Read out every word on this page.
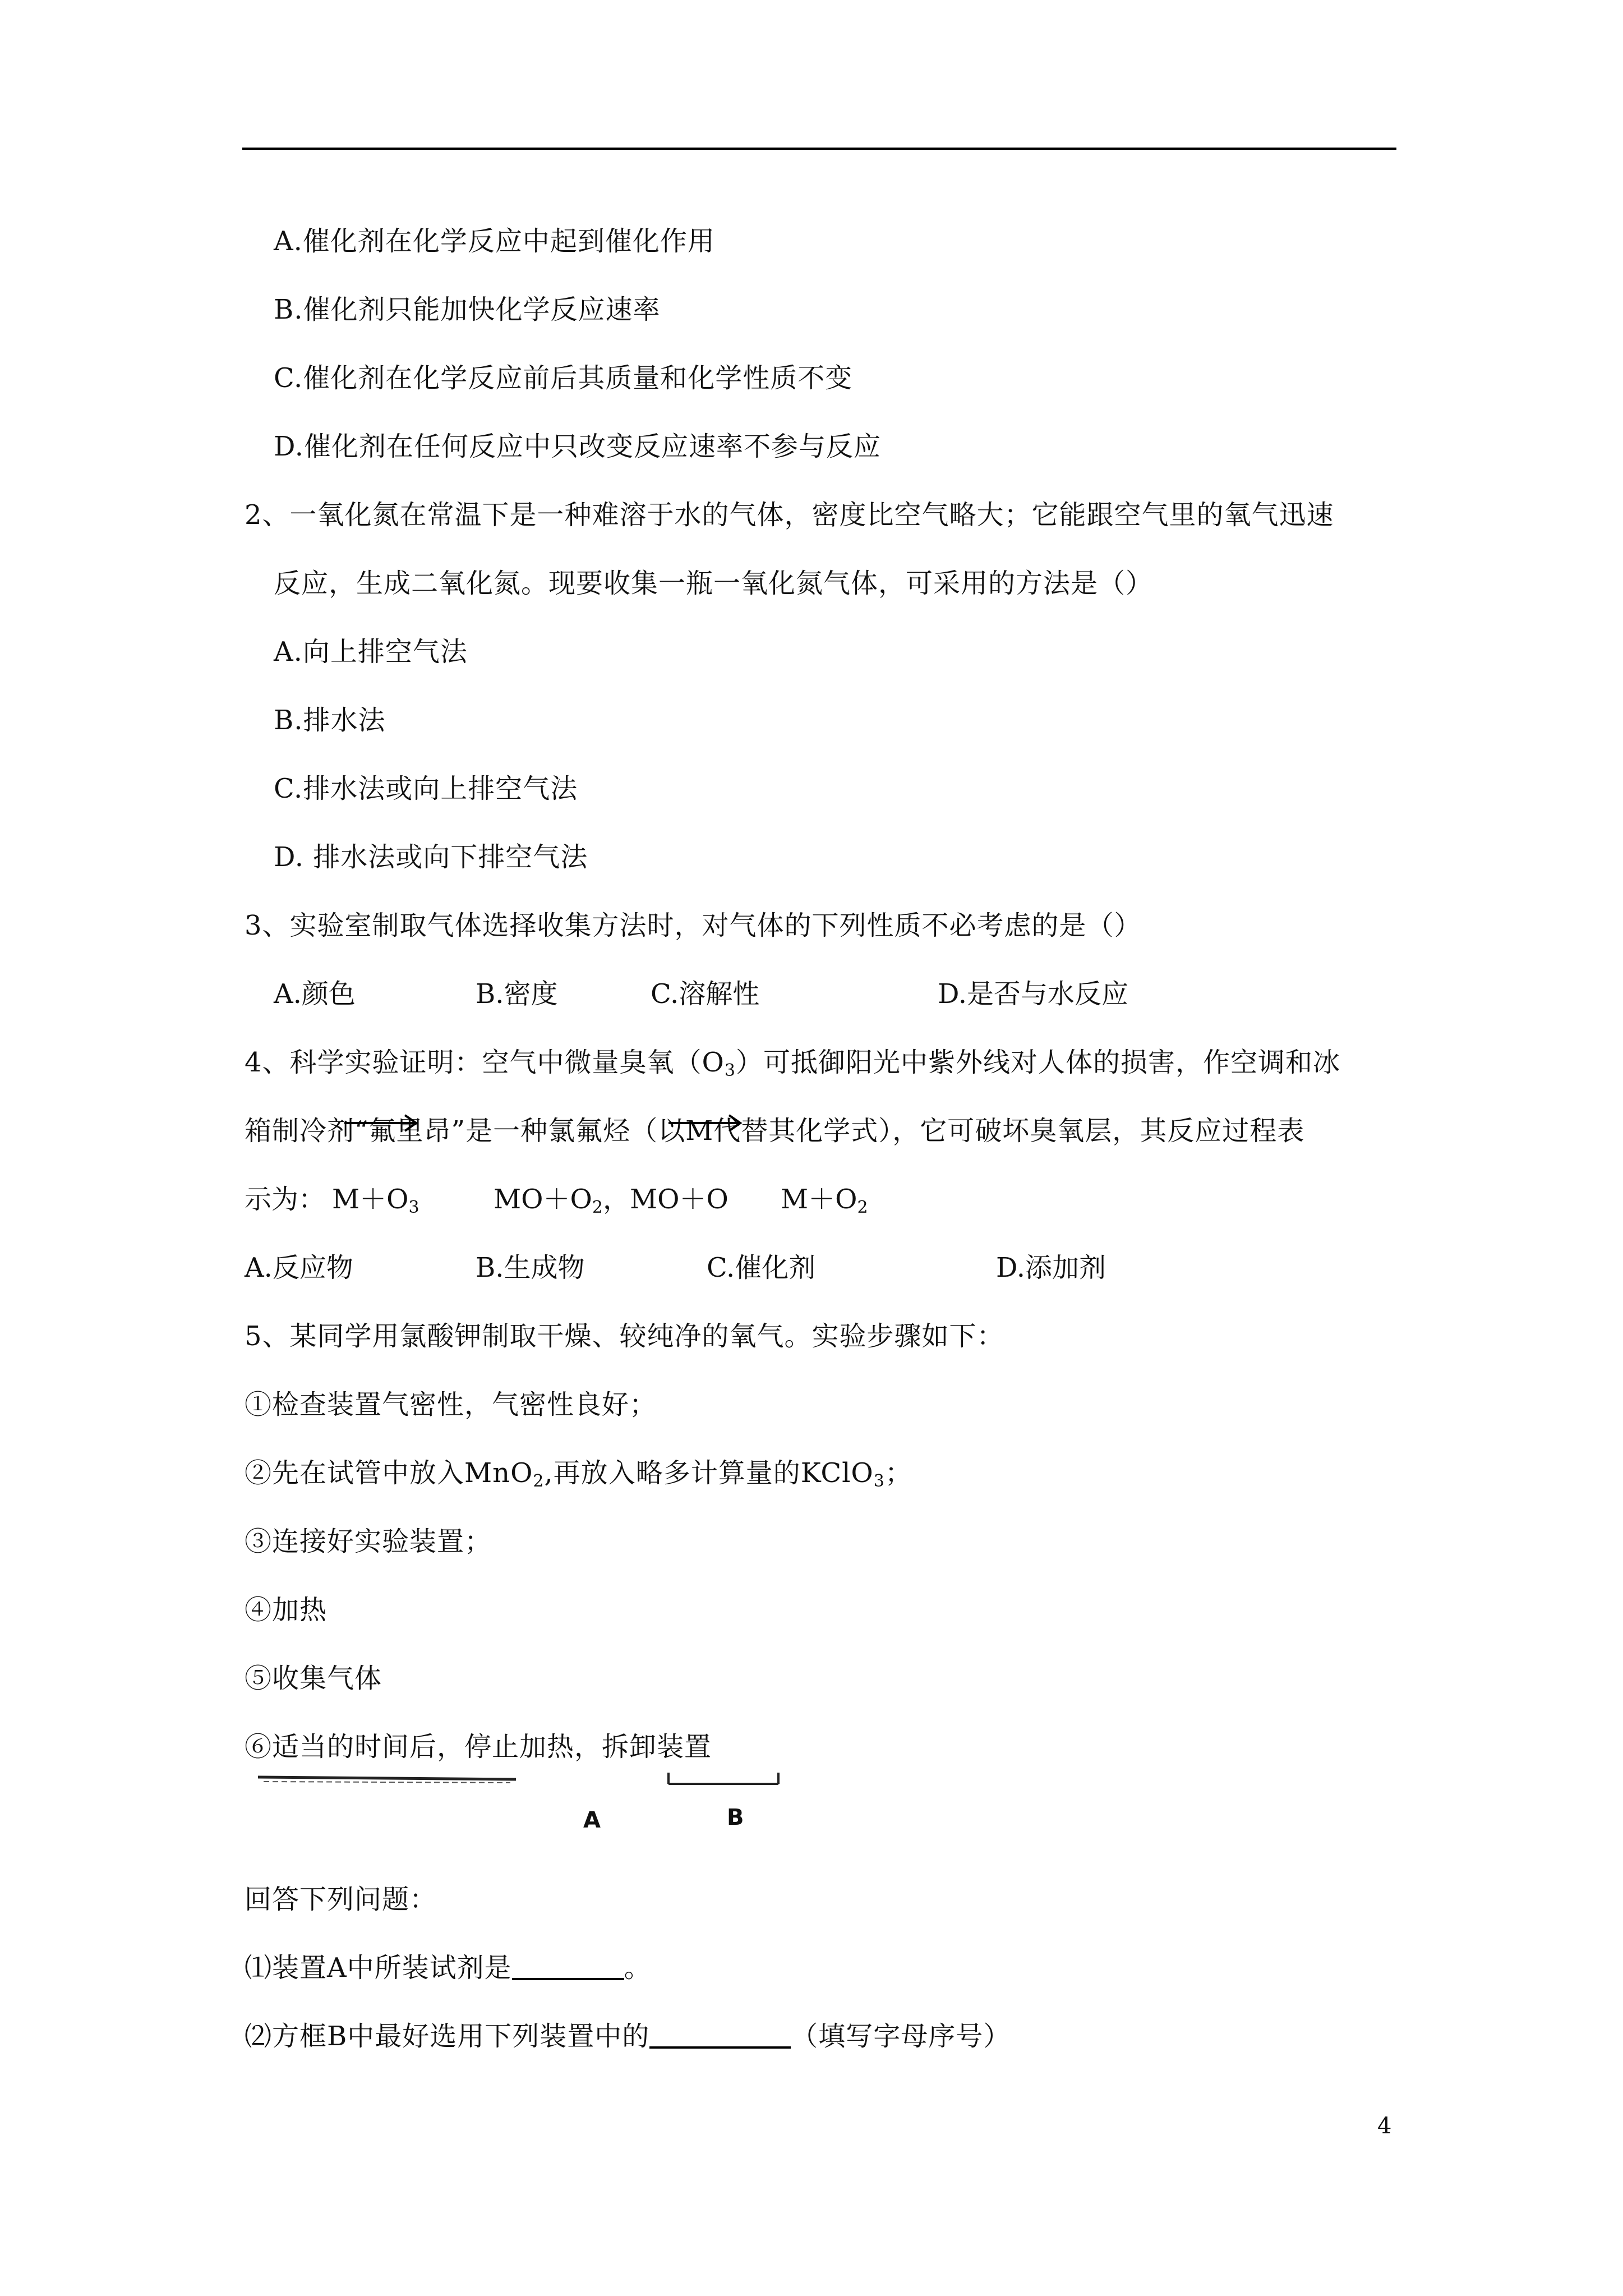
A.催化剂在化学反应中起到催化作用
B.催化剂只能加快化学反应速率
C.催化剂在化学反应前后其质量和化学性质不变
D.催化剂在任何反应中只改变反应速率不参与反应
2、一氧化氮在常温下是一种难溶于水的气体，密度比空气略大；它能跟空气里的氧气迅速
反应，生成二氧化氮。现要收集一瓶一氧化氮气体，可采用的方法是（）
A.向上排空气法
B.排水法
C.排水法或向上排空气法
D. 排水法或向下排空气法
3、实验室制取气体选择收集方法时，对气体的下列性质不必考虑的是（）
A.颜色	B.密度	C.溶解性	D.是否与水反应
4、科学实验证明：空气中微量臭氧$(O_3)$可抵御阳光中紫外线对人体的损害，作空调和冰
箱制冷剂“氟里昂”是一种氯氟烃（以M代替其化学式），它可破坏臭氧层，其反应过程表
示为： $M+O_3$	$MO+O_2$，MO＋O $M+O_2$
A.反应物	B.生成物	C.催化剂	D.添加剂
5、某同学用氯酸钾制取干燥、较纯净的氧气。实验步骤如下：
①检查装置气密性，气密性良好；
②先在试管中放入MnO$_2$,再放入略多计算量的KClO$_3$；
③连接好实验装置；
④加热
⑤收集气体
⑥适当的时间后，停止加热，拆卸装置
A	B
回答下列问题：
⑴装置A中所装试剂是	。
⑵方框B中最好选用下列装置中的	（填写字母序号）
4
